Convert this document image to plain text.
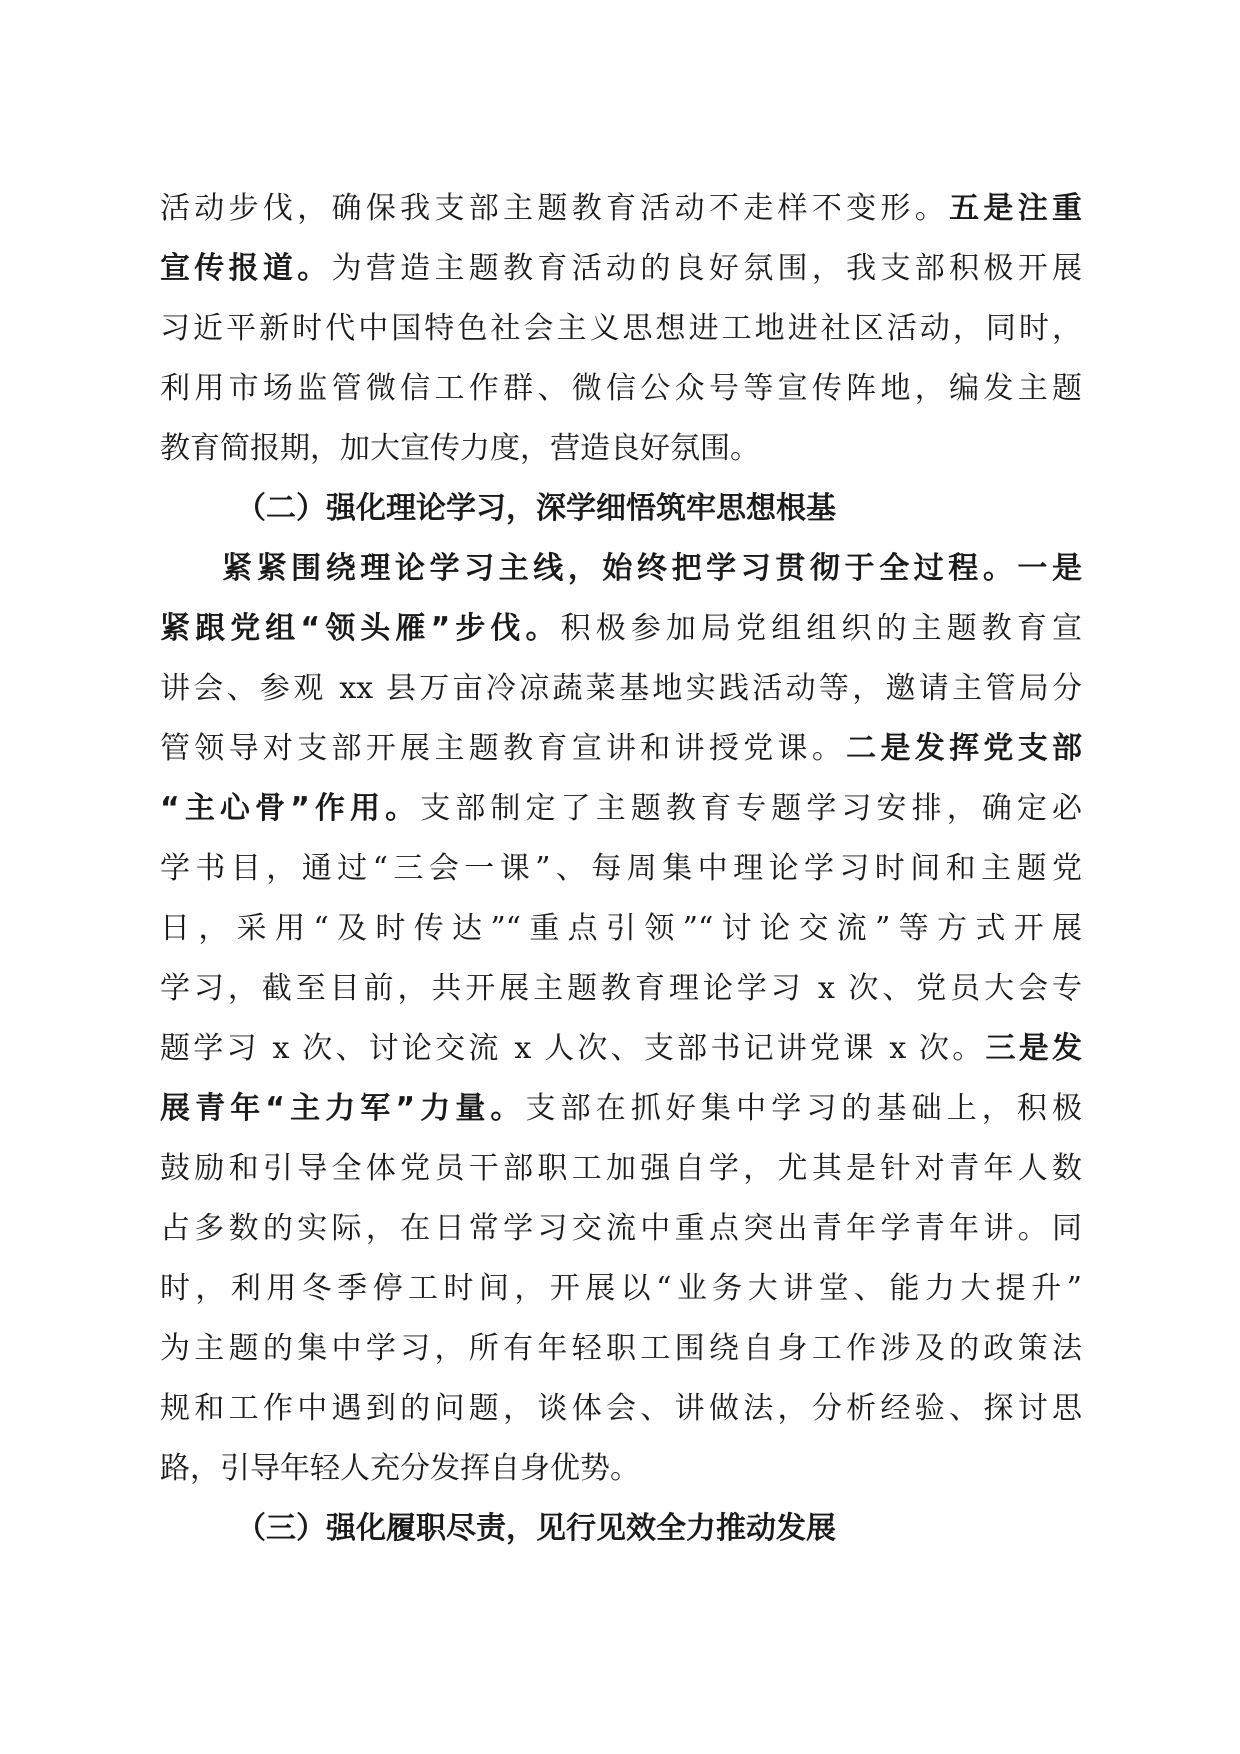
活动步伐，确保我支部主题教育活动不走样不变形。五是注重
宣传报道。为营造主题教育活动的良好氛围，我支部积极开展
习近平新时代中国特色社会主义思想进工地进社区活动，同时，
利用市场监管微信工作群、微信公众号等宣传阵地，编发主题
教育简报期，加大宣传力度，营造良好氛围。
（二）强化理论学习，深学细悟筑牢思想根基
紧紧围绕理论学习主线，始终把学习贯彻于全过程。一是
紧跟党组“领头雁”步伐。积极参加局党组组织的主题教育宣
讲会、参观 xx 县万亩冷凉蔬菜基地实践活动等，邀请主管局分
管领导对支部开展主题教育宣讲和讲授党课。二是发挥党支部
“主心骨”作用。支部制定了主题教育专题学习安排，确定必
学书目，通过“三会一课”、每周集中理论学习时间和主题党
日，采用“及时传达”“重点引领”“讨论交流”等方式开展
学习，截至目前，共开展主题教育理论学习 x 次、党员大会专
题学习 x 次、讨论交流 x 人次、支部书记讲党课 x 次。三是发
展青年“主力军”力量。支部在抓好集中学习的基础上，积极
鼓励和引导全体党员干部职工加强自学，尤其是针对青年人数
占多数的实际，在日常学习交流中重点突出青年学青年讲。同
时，利用冬季停工时间，开展以“业务大讲堂、能力大提升”
为主题的集中学习，所有年轻职工围绕自身工作涉及的政策法
规和工作中遇到的问题，谈体会、讲做法，分析经验、探讨思
路，引导年轻人充分发挥自身优势。
（三）强化履职尽责，见行见效全力推动发展
